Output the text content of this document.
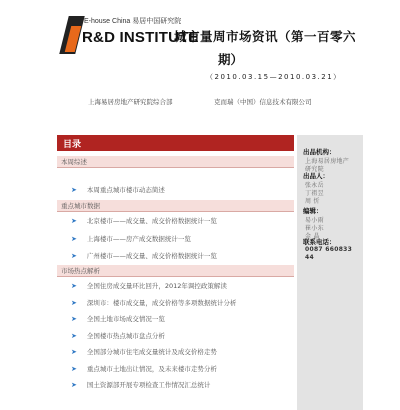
E-house China 易居中国研究院
R&D INSTITUTE
城市量周市场资讯（第一百零六
期）
（2010.03.15—2010.03.21）
上海易居房地产研究院综合部	克而瑞（中国）信息技术有限公司
目录
本周综述
➤ 本周重点城市楼市动态简述
重点城市数据
➤ 北京楼市——成交量、成交价格数据统计一览
➤ 上海楼市——房产成交数据统计一览
➤ 广州楼市——成交量、成交价格数据统计一览
市场热点解析
➤ 全国住房成交量环比回升，2012年调控政策解读
➤ 深圳市：楼市成交量，成交价格等多项数据统计分析
➤ 全国土地市场成交情况一览
➤ 全国楼市热点城市盘点分析
➤ 全国部分城市住宅成交量统计及成交价格走势
➤ 重点城市土地出让情况，及未来楼市走势分析
➤ 国土资源部开展专项检查工作情况汇总统计
出品机构：
上海易居房地产
研究院
出品人：
张永岳
丁祖昱
周 忻
编辑：
易小雨
崔小东
金 晶
联系电话：
0087 660833
44
